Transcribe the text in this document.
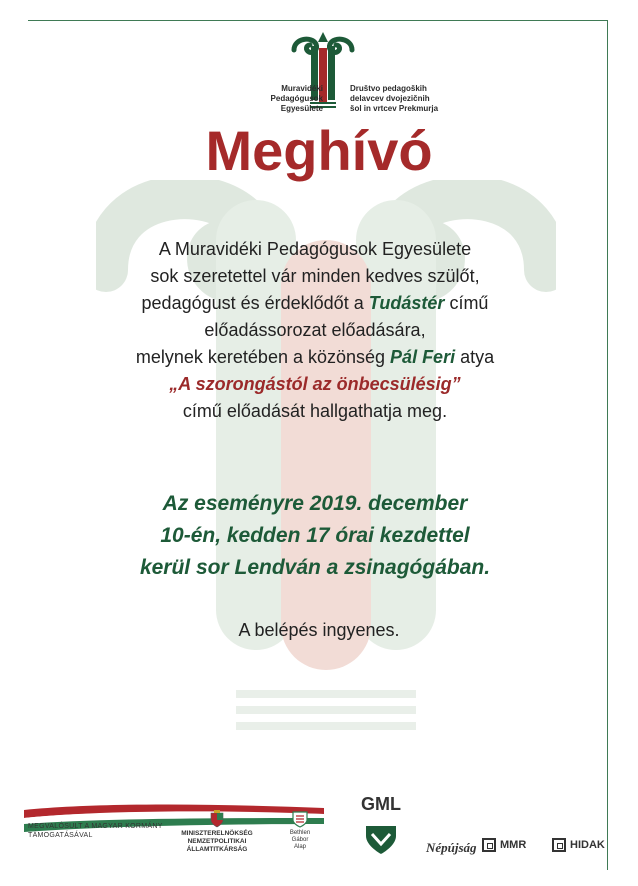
Muravidéki
Pedagógusok
Egyesülete
Društvo pedagoških
delavcev dvojezičnih
šol in vrtcev Prekmurja
Meghívó
A Muravidéki Pedagógusok Egyesülete
sok szeretettel vár minden kedves szülőt,
pedagógust és érdeklődőt a Tudástér című
előadássorozat előadására,
melynek keretében a közönség Pál Feri atya
„A szorongástól az önbecsülésig”
című előadását hallgathatja meg.
Az eseményre 2019. december
10-én, kedden 17 órai kezdettel
kerül sor Lendván a zsinagógában.
A belépés ingyenes.
MEGVALÓSULT A MAGYAR KORMÁNY
TÁMOGATÁSÁVAL	MINISZTERELNÖKSÉG
NEMZETPOLITIKAI ÁLLAMTITKÁRSÁG
Bethlen Gábor
Alap
GML
Népújság MMR	HIDAK
